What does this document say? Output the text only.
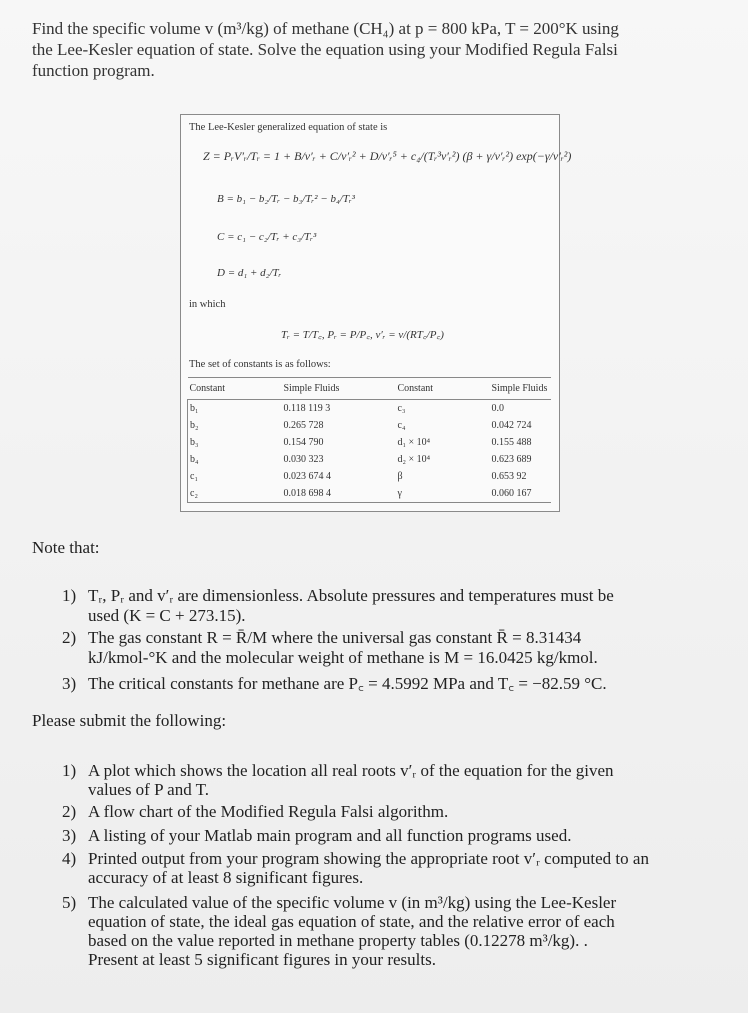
Find the specific volume v (m³/kg) of methane (CH₄) at p = 800 kPa, T = 200°K using
the Lee-Kesler equation of state. Solve the equation using your Modified Regula Falsi
function program.
The Lee-Kesler generalized equation of state is
Z = PᵣV′ᵣ/Tᵣ = 1 + B/v′ᵣ + C/v′ᵣ² + D/v′ᵣ⁵ + c₄/(Tᵣ³v′ᵣ²) (β + γ/v′ᵣ²) exp(−γ/v′ᵣ²)
B = b₁ − b₂/Tᵣ − b₃/Tᵣ² − b₄/Tᵣ³
C = c₁ − c₂/Tᵣ + c₃/Tᵣ³
D = d₁ + d₂/Tᵣ
in which
Tᵣ = T/T꜀, Pᵣ = P/P꜀, v′ᵣ = v/(RT꜀/P꜀)
The set of constants is as follows:
Constant	Simple Fluids	Constant	Simple Fluids
b₁	0.118 119 3	c₃	0.0
b₂	0.265 728	c₄	0.042 724
b₃	0.154 790	d₁ × 10⁴	0.155 488
b₄	0.030 323	d₂ × 10⁴	0.623 689
c₁	0.023 674 4	β	0.653 92
c₂	0.018 698 4	γ	0.060 167
Note that:
1) Tᵣ, Pᵣ and v′ᵣ are dimensionless. Absolute pressures and temperatures must be
used (K = C + 273.15).
2) The gas constant R = R̄/M where the universal gas constant R̄ = 8.31434
kJ/kmol-°K and the molecular weight of methane is M = 16.0425 kg/kmol.
3) The critical constants for methane are P꜀ = 4.5992 MPa and T꜀ = −82.59 °C.
Please submit the following:
1) A plot which shows the location all real roots v′ᵣ of the equation for the given
values of P and T.
2) A flow chart of the Modified Regula Falsi algorithm.
3) A listing of your Matlab main program and all function programs used.
4) Printed output from your program showing the appropriate root v′ᵣ computed to an
accuracy of at least 8 significant figures.
5) The calculated value of the specific volume v (in m³/kg) using the Lee-Kesler
equation of state, the ideal gas equation of state, and the relative error of each
based on the value reported in methane property tables (0.12278 m³/kg). .
Present at least 5 significant figures in your results.
